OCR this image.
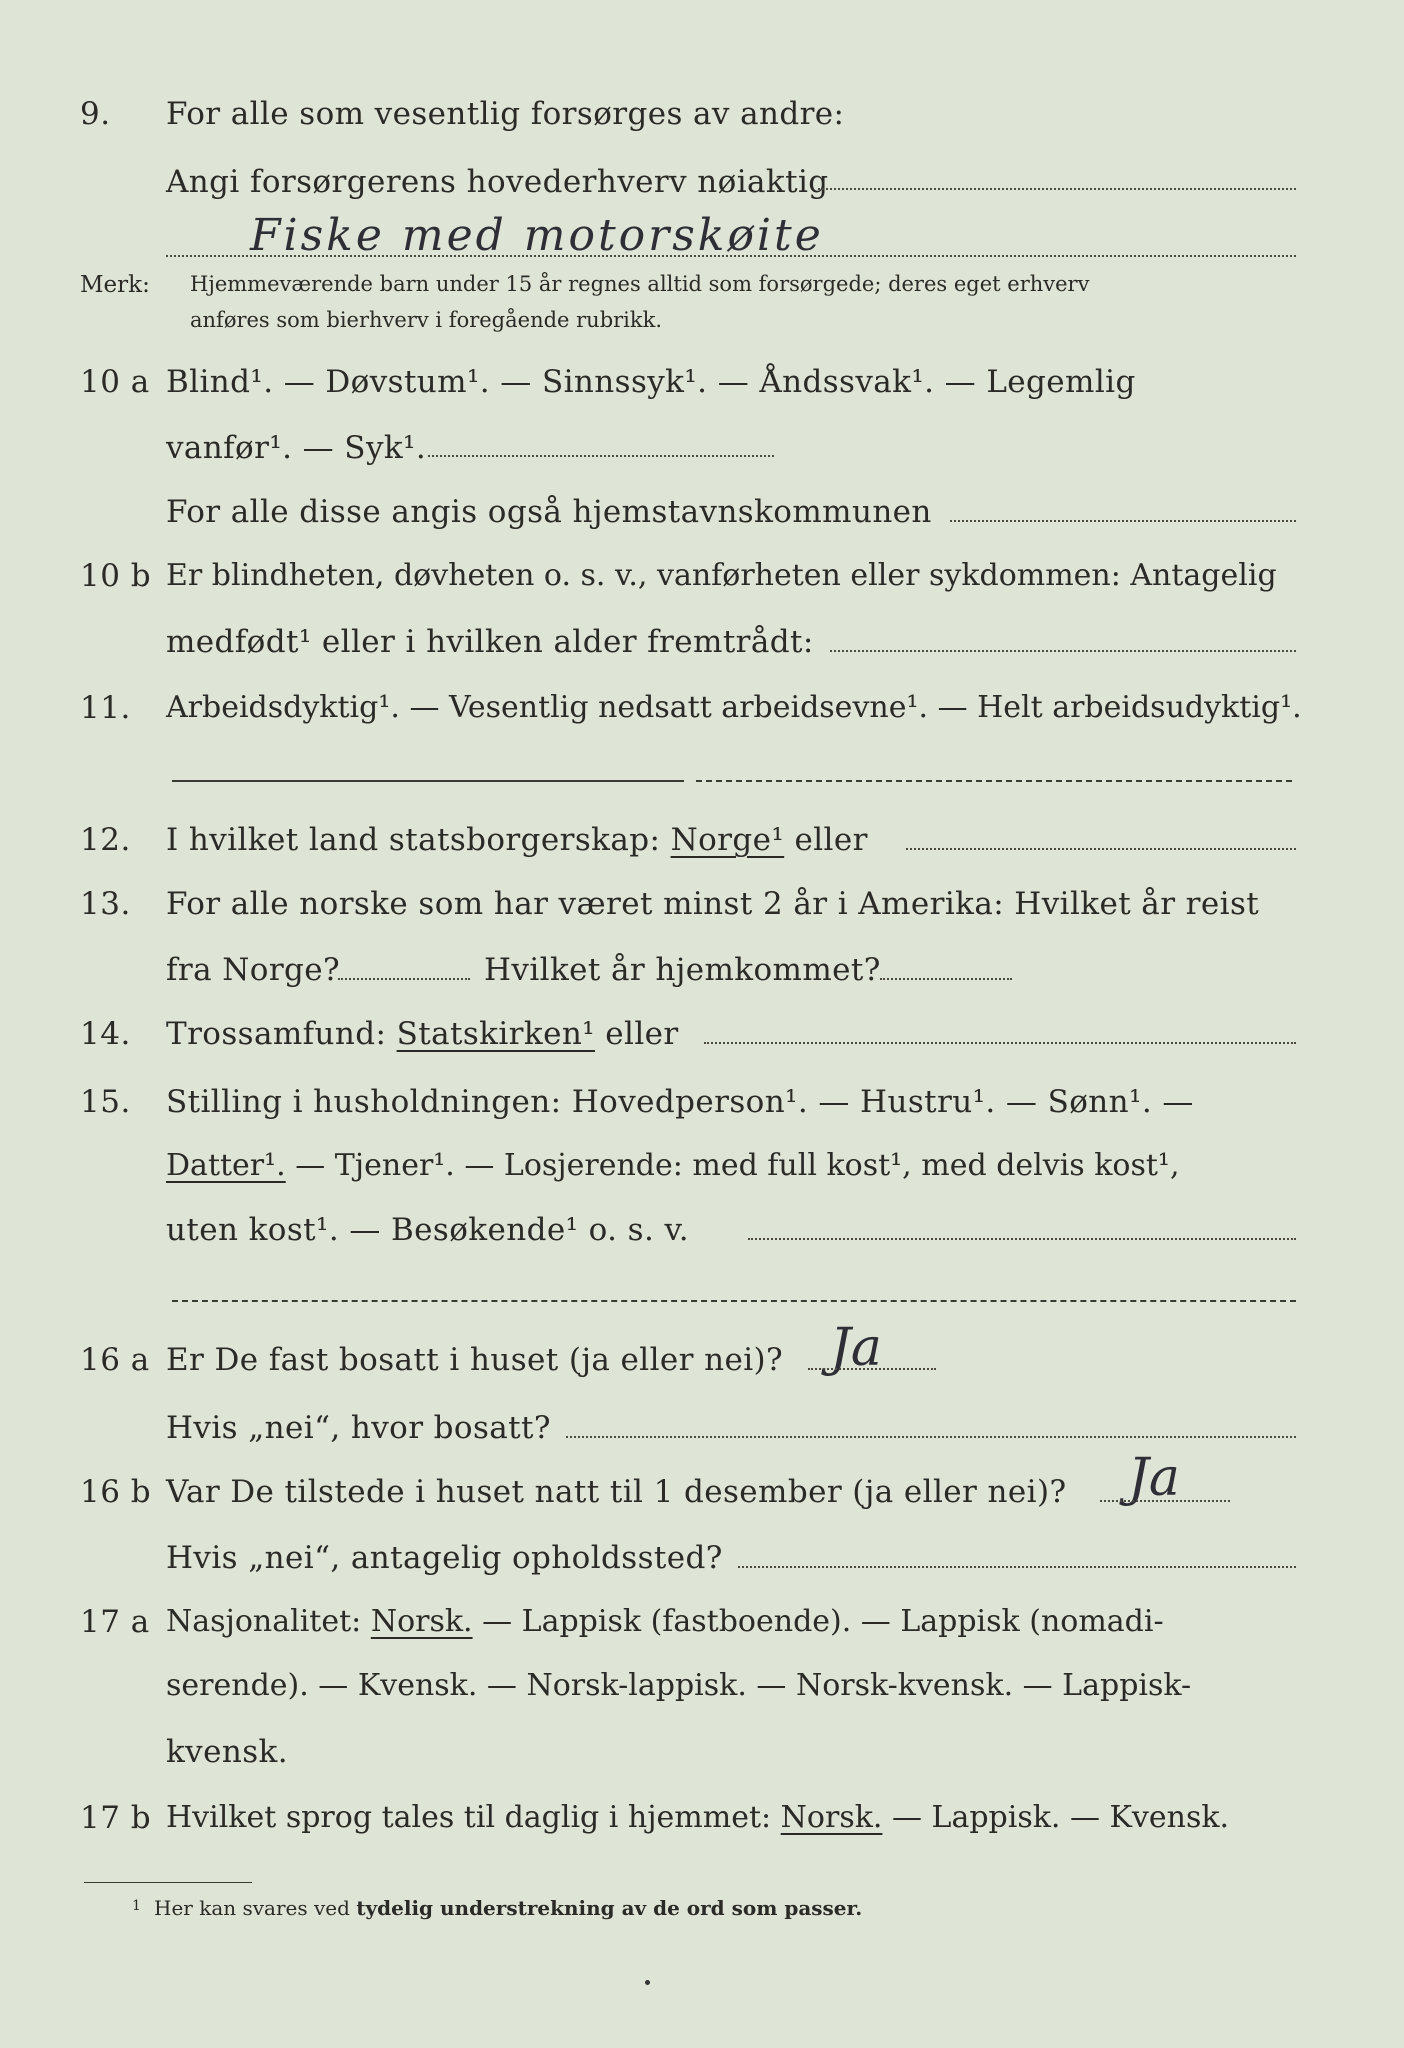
9. For alle som vesentlig forsørges av andre:
Angi forsørgerens hovederhverv nøiaktig
Fiske med motorskøite
Merk: Hjemmeværende barn under 15 år regnes alltid som forsørgede; deres eget erhverv
anføres som bierhverv i foregående rubrikk.
10 a Blind¹. — Døvstum¹. — Sinnssyk¹. — Åndssvak¹. — Legemlig
vanfør¹. — Syk¹.
For alle disse angis også hjemstavnskommunen
10 b Er blindheten, døvheten o. s. v., vanførheten eller sykdommen: Antagelig
medfødt¹ eller i hvilken alder fremtrådt:
11. Arbeidsdyktig¹. — Vesentlig nedsatt arbeidsevne¹. — Helt arbeidsudyktig¹.
12. I hvilket land statsborgerskap: Norge¹ eller
13. For alle norske som har været minst 2 år i Amerika: Hvilket år reist
fra Norge?	Hvilket år hjemkommet?
14. Trossamfund: Statskirken¹ eller
15. Stilling i husholdningen: Hovedperson¹. — Hustru¹. — Sønn¹. —
Datter¹. — Tjener¹. — Losjerende: med full kost¹, med delvis kost¹,
uten kost¹. — Besøkende¹ o. s. v.
16 a Er De fast bosatt i huset (ja eller nei)? Ja
Hvis „nei“, hvor bosatt?
16 b Var De tilstede i huset natt til 1 desember (ja eller nei)? Ja
Hvis „nei“, antagelig opholdssted?
17 a Nasjonalitet: Norsk. — Lappisk (fastboende). — Lappisk (nomadi-
serende). — Kvensk. — Norsk-lappisk. — Norsk-kvensk. — Lappisk-
kvensk.
17 b Hvilket sprog tales til daglig i hjemmet: Norsk. — Lappisk. — Kvensk.
1 Her kan svares ved tydelig understrekning av de ord som passer.
